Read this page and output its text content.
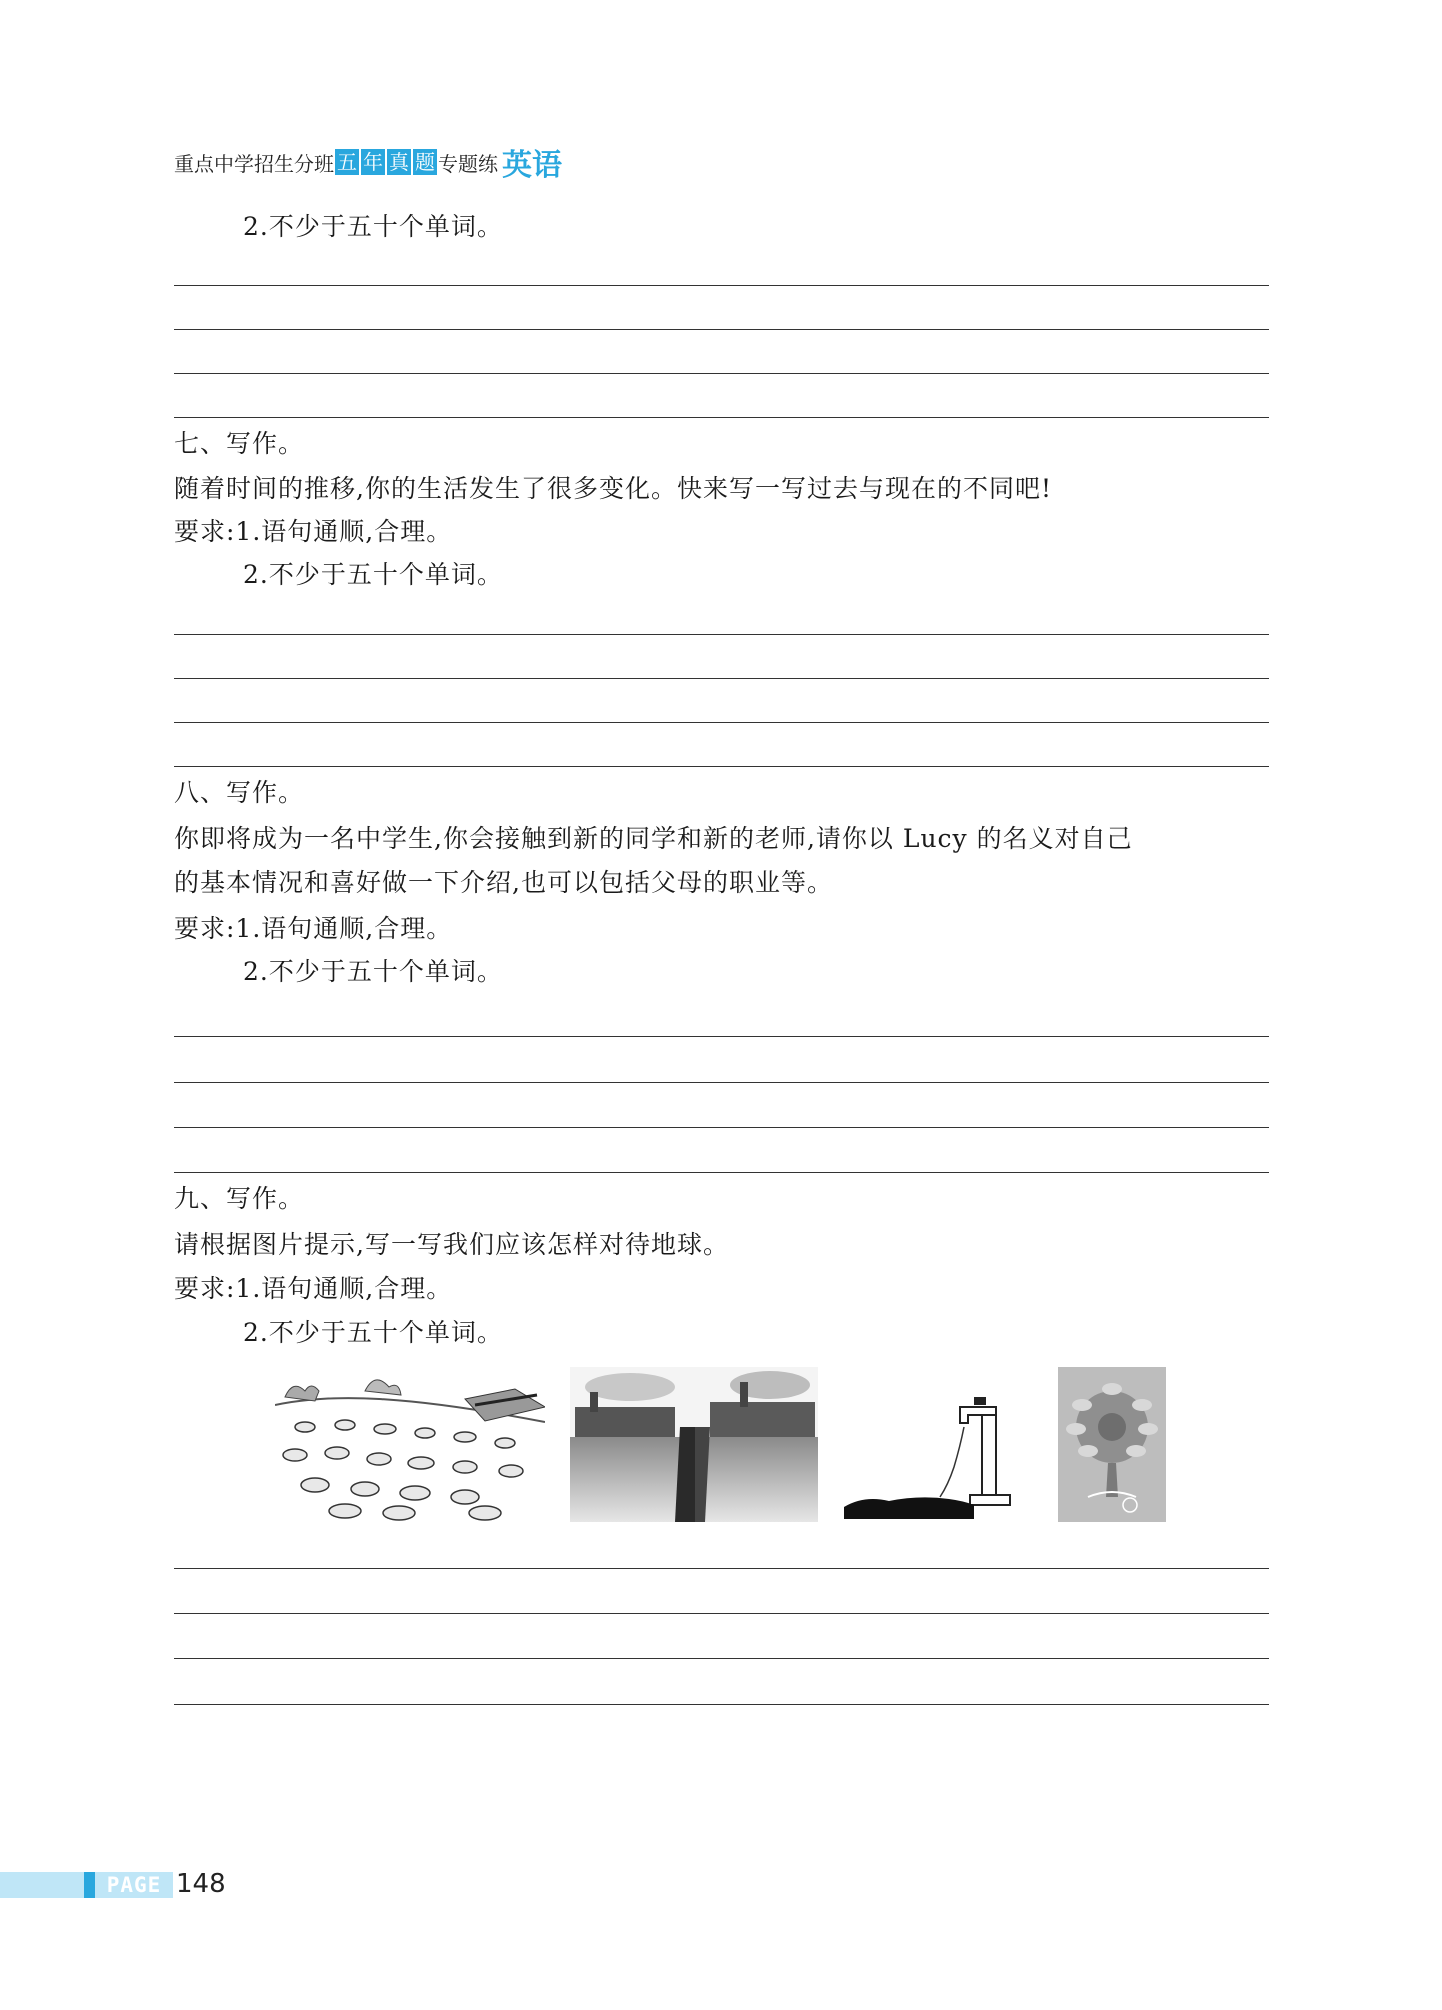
重点中学招生分班 五 年 真 题 专题练 英语
2.不少于五十个单词。
七、写作。
随着时间的推移,你的生活发生了很多变化。快来写一写过去与现在的不同吧!
要求:1.语句通顺,合理。
2.不少于五十个单词。
八、写作。
你即将成为一名中学生,你会接触到新的同学和新的老师,请你以 Lucy 的名义对自己
的基本情况和喜好做一下介绍,也可以包括父母的职业等。
要求:1.语句通顺,合理。
2.不少于五十个单词。
九、写作。
请根据图片提示,写一写我们应该怎样对待地球。
要求:1.语句通顺,合理。
2.不少于五十个单词。
PAGE 148
